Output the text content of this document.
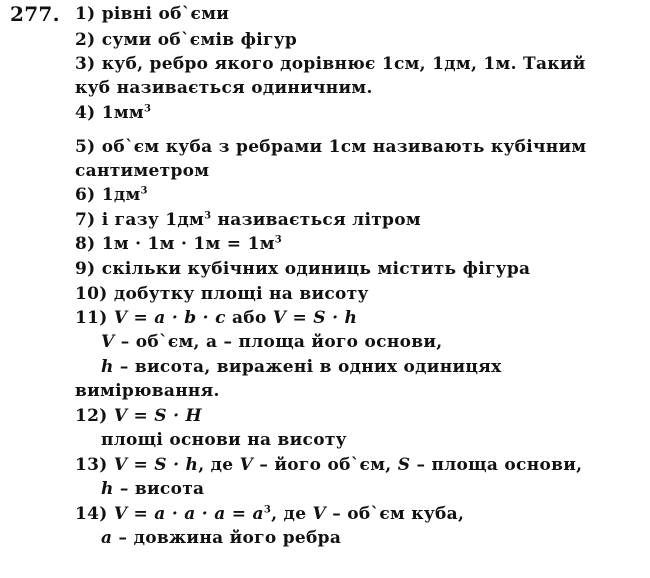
277. 1) рівні об`єми
2) суми об`ємів фігур
3) куб, ребро якого дорівнює 1см, 1дм, 1м. Такий
куб називається одиничним.
4) $1мм^3$
5) об`єм куба з ребрами 1см називають кубічним
сантиметром
6) $1дм^3$
7) і газу $1дм^3$ називається літром
8) $1м \cdot 1м \cdot 1м = 1м^3$
9) скільки кубічних одиниць містить фігура
10) добутку площі на висоту
11) V = a · b · c або V = S · h
V – об`єм, а – площа його основи,
h – висота, виражені в одних одиницях
вимірювання.
12) V = S · H
площі основи на висоту
13) V = S · h, де V – його об`єм, S – площа основи,
h – висота
14) $V = a \cdot a \cdot a = a^3$, де V – об`єм куба,
a – довжина його ребра
